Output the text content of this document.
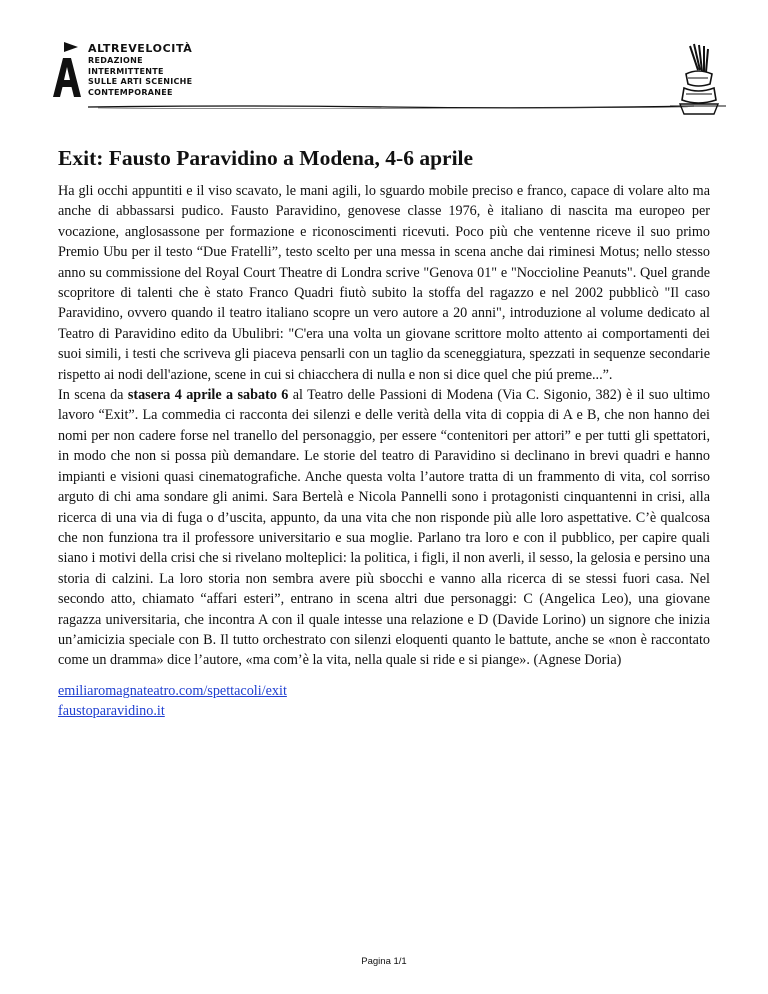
ALTREVELOCITÀ
REDAZIONE
INTERMITTENTE
SULLE ARTI SCENICHE
CONTEMPORANEE
Exit: Fausto Paravidino a Modena, 4-6 aprile

Ha gli occhi appuntiti e il viso scavato, le mani agili, lo sguardo mobile preciso e franco, capace di volare alto ma anche di abbassarsi pudico. Fausto Paravidino, genovese classe 1976, è italiano di nascita ma europeo per vocazione, anglosassone per formazione e riconoscimenti ricevuti. Poco più che ventenne riceve il suo primo Premio Ubu per il testo “Due Fratelli”, testo scelto per una messa in scena anche dai riminesi Motus; nello stesso anno su commissione del Royal Court Theatre di Londra scrive "Genova 01" e "Noccioline Peanuts". Quel grande scopritore di talenti che è stato Franco Quadri fiutò subito la stoffa del ragazzo e nel 2002 pubblicò "Il caso Paravidino, ovvero quando il teatro italiano scopre un vero autore a 20 anni", introduzione al volume dedicato al Teatro di Paravidino edito da Ubulibri: "C'era una volta un giovane scrittore molto attento ai comportamenti dei suoi simili, i testi che scriveva gli piaceva pensarli con un taglio da sceneggiatura, spezzati in sequenze secondarie rispetto ai nodi dell'azione, scene in cui si chiacchera di nulla e non si dice quel che piú preme...”.

In scena da stasera 4 aprile a sabato 6 al Teatro delle Passioni di Modena (Via C. Sigonio, 382) è il suo ultimo lavoro “Exit”. La commedia ci racconta dei silenzi e delle verità della vita di coppia di A e B, che non hanno dei nomi per non cadere forse nel tranello del personaggio, per essere “contenitori per attori” e per tutti gli spettatori, in modo che non si possa più demandare. Le storie del teatro di Paravidino si declinano in brevi quadri e hanno impianti e visioni quasi cinematografiche. Anche questa volta l’autore tratta di un frammento di vita, col sorriso arguto di chi ama sondare gli animi. Sara Bertelà e Nicola Pannelli sono i protagonisti cinquantenni in crisi, alla ricerca di una via di fuga o d’uscita, appunto, da una vita che non risponde più alle loro aspettative. C’è qualcosa che non funziona tra il professore universitario e sua moglie. Parlano tra loro e con il pubblico, per capire quali siano i motivi della crisi che si rivelano molteplici: la politica, i figli, il non averli, il sesso, la gelosia e persino una storia di calzini. La loro storia non sembra avere più sbocchi e vanno alla ricerca di se stessi fuori casa. Nel secondo atto, chiamato “affari esteri”, entrano in scena altri due personaggi: C (Angelica Leo), una giovane ragazza universitaria, che incontra A con il quale intesse una relazione e D (Davide Lorino) un signore che inizia un’amicizia speciale con B. Il tutto orchestrato con silenzi eloquenti quanto le battute, anche se «non è raccontato come un dramma» dice l’autore, «ma com’è la vita, nella quale si ride e si piange». (Agnese Doria)

emiliaromagnateatro.com/spettacoli/exit
faustoparavidino.it
Pagina 1/1
